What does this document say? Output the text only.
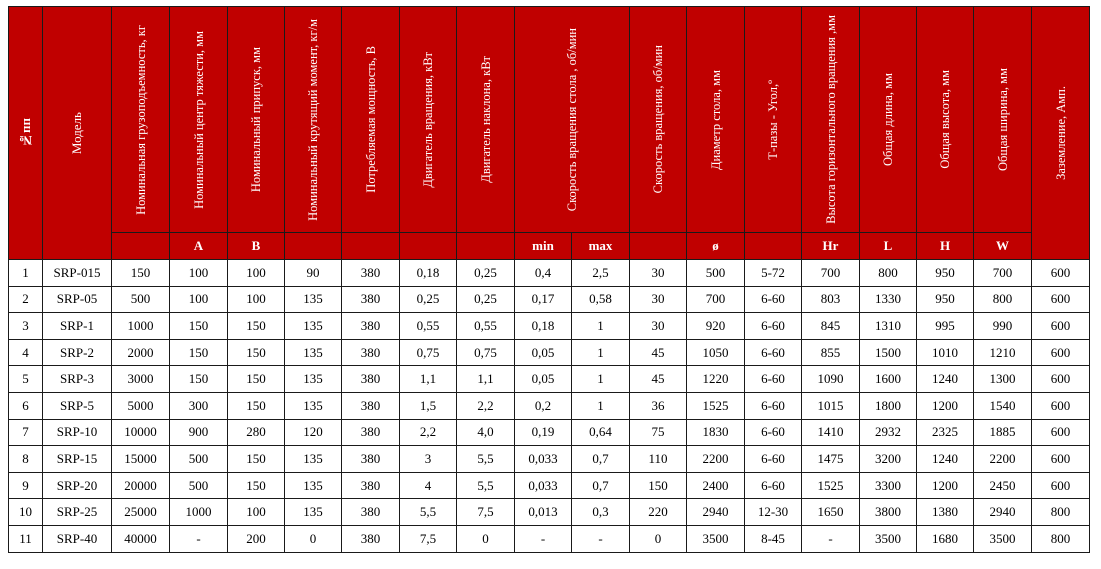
№пп	Модель	Номинальная грузоподъемность, кг	Номинальный центр тяжести, мм	Номинальный припуск, мм	Номинальный крутящий момент, кг/м	Потребляемая мощность, В	Двигатель вращения, кВт	Двигатель наклона, кВт	Скорость вращения стола , об/мин		Скорость вращения, об/мин	Диаметр стола, мм	Т-пазы - Угол,º	Высота горизонтального вращения ,мм	Общая длина, мм	Общая высота, мм	Общая ширина, мм	Заземление, Амп.

			A	B					min	max		ø		Hr	L	H	W	
1	SRP-015	150	100	100	90	380	0,18	0,25	0,4	2,5	30	500	5-72	700	800	950	700	600
2	SRP-05	500	100	100	135	380	0,25	0,25	0,17	0,58	30	700	6-60	803	1330	950	800	600
3	SRP-1	1000	150	150	135	380	0,55	0,55	0,18	1	30	920	6-60	845	1310	995	990	600
4	SRP-2	2000	150	150	135	380	0,75	0,75	0,05	1	45	1050	6-60	855	1500	1010	1210	600
5	SRP-3	3000	150	150	135	380	1,1	1,1	0,05	1	45	1220	6-60	1090	1600	1240	1300	600
6	SRP-5	5000	300	150	135	380	1,5	2,2	0,2	1	36	1525	6-60	1015	1800	1200	1540	600
7	SRP-10	10000	900	280	120	380	2,2	4,0	0,19	0,64	75	1830	6-60	1410	2932	2325	1885	600
8	SRP-15	15000	500	150	135	380	3	5,5	0,033	0,7	110	2200	6-60	1475	3200	1240	2200	600
9	SRP-20	20000	500	150	135	380	4	5,5	0,033	0,7	150	2400	6-60	1525	3300	1200	2450	600
10	SRP-25	25000	1000	100	135	380	5,5	7,5	0,013	0,3	220	2940	12-30	1650	3800	1380	2940	800
11	SRP-40	40000	-	200	0	380	7,5	0	-	-	0	3500	8-45	-	3500	1680	3500	800
